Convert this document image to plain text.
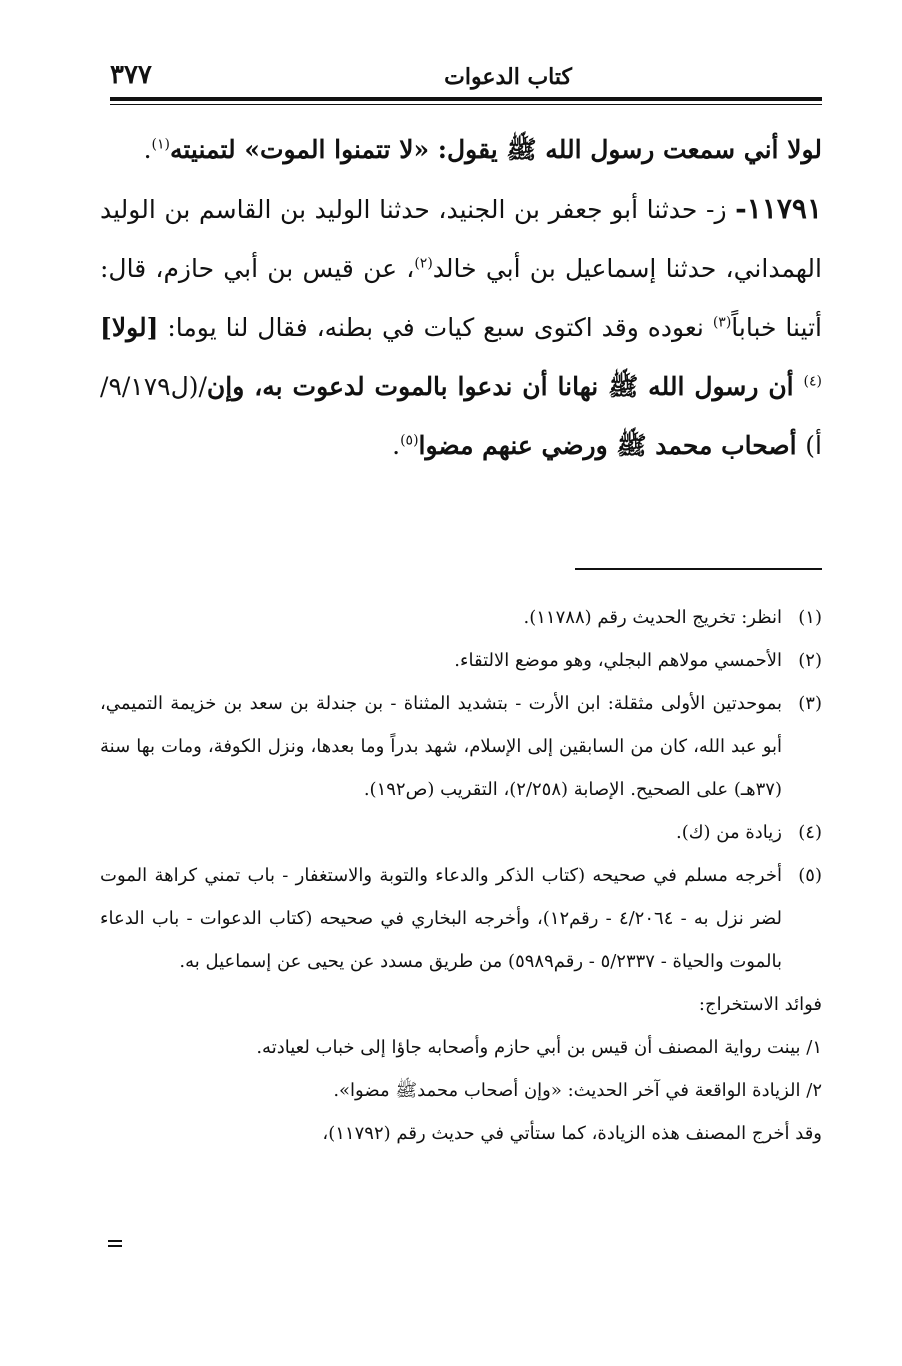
كتاب الدعوات
٣٧٧

لولا أني سمعت رسول الله ﷺ يقول: «لا تتمنوا الموت» لتمنيته$^{(١)}$.

١١٧٩١- ز- حدثنا أبو جعفر بن الجنيد، حدثنا الوليد بن القاسم بن الوليد الهمداني، حدثنا إسماعيل بن أبي خالد$^{(٢)}$، عن قيس بن أبي حازم، قال: أتينا خباباً$^{(٣)}$ نعوده وقد اكتوى سبع كيات في بطنه، فقال لنا يوما: [لولا]$^{(٤)}$ أن رسول الله ﷺ نهانا أن ندعوا بالموت لدعوت به، وإن/(ل٩/١٧٩/أ) أصحاب محمد ﷺ ورضي عنهم مضوا$^{(٥)}$.

(١)
انظر: تخريج الحديث رقم (١١٧٨٨).

(٢)
الأحمسي مولاهم البجلي، وهو موضع الالتقاء.

(٣)
بموحدتين الأولى مثقلة: ابن الأرت - بتشديد المثناة - بن جندلة بن سعد بن خزيمة التميمي، أبو عبد الله، كان من السابقين إلى الإسلام، شهد بدراً وما بعدها، ونزل الكوفة، ومات بها سنة (٣٧هـ) على الصحيح. الإصابة (٢/٢٥٨)، التقريب (ص١٩٢).

(٤)
زيادة من (ك).

(٥)
أخرجه مسلم في صحيحه (كتاب الذكر والدعاء والتوبة والاستغفار - باب تمني كراهة الموت لضر نزل به - ٤/٢٠٦٤ - رقم١٢)، وأخرجه البخاري في صحيحه (كتاب الدعوات - باب الدعاء بالموت والحياة - ٥/٢٣٣٧ - رقم٥٩٨٩) من طريق مسدد عن يحيى عن إسماعيل به.

فوائد الاستخراج:

١/ بينت رواية المصنف أن قيس بن أبي حازم وأصحابه جاؤا إلى خباب لعيادته.

٢/ الزيادة الواقعة في آخر الحديث: «وإن أصحاب محمدﷺ مضوا».

وقد أخرج المصنف هذه الزيادة، كما ستأتي في حديث رقم (١١٧٩٢)،
